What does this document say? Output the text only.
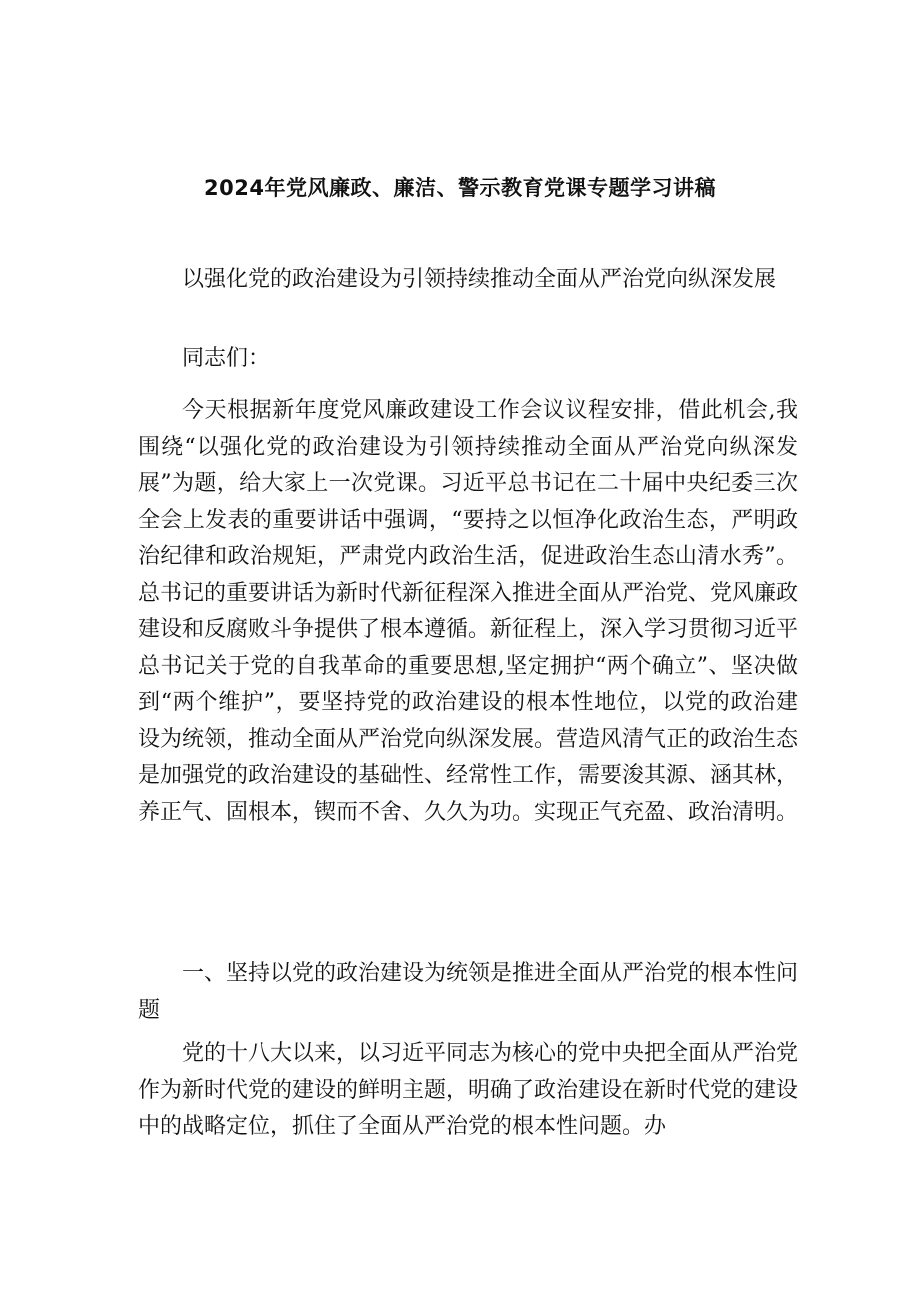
2024年党风廉政、廉洁、警示教育党课专题学习讲稿

以强化党的政治建设为引领持续推动全面从严治党向纵深发展

同志们：

今天根据新年度党风廉政建设工作会议议程安排，借此机会,我围绕“以强化党的政治建设为引领持续推动全面从严治党向纵深发展”为题，给大家上一次党课。习近平总书记在二十届中央纪委三次全会上发表的重要讲话中强调，“要持之以恒净化政治生态，严明政治纪律和政治规矩，严肃党内政治生活，促进政治生态山清水秀”。总书记的重要讲话为新时代新征程深入推进全面从严治党、党风廉政建设和反腐败斗争提供了根本遵循。新征程上，深入学习贯彻习近平总书记关于党的自我革命的重要思想,坚定拥护“两个确立”、坚决做到“两个维护”，要坚持党的政治建设的根本性地位，以党的政治建设为统领，推动全面从严治党向纵深发展。营造风清气正的政治生态是加强党的政治建设的基础性、经常性工作，需要浚其源、涵其林，养正气、固根本，锲而不舍、久久为功。实现正气充盈、政治清明。

一、坚持以党的政治建设为统领是推进全面从严治党的根本性问题

党的十八大以来，以习近平同志为核心的党中央把全面从严治党作为新时代党的建设的鲜明主题，明确了政治建设在新时代党的建设中的战略定位，抓住了全面从严治党的根本性问题。办
